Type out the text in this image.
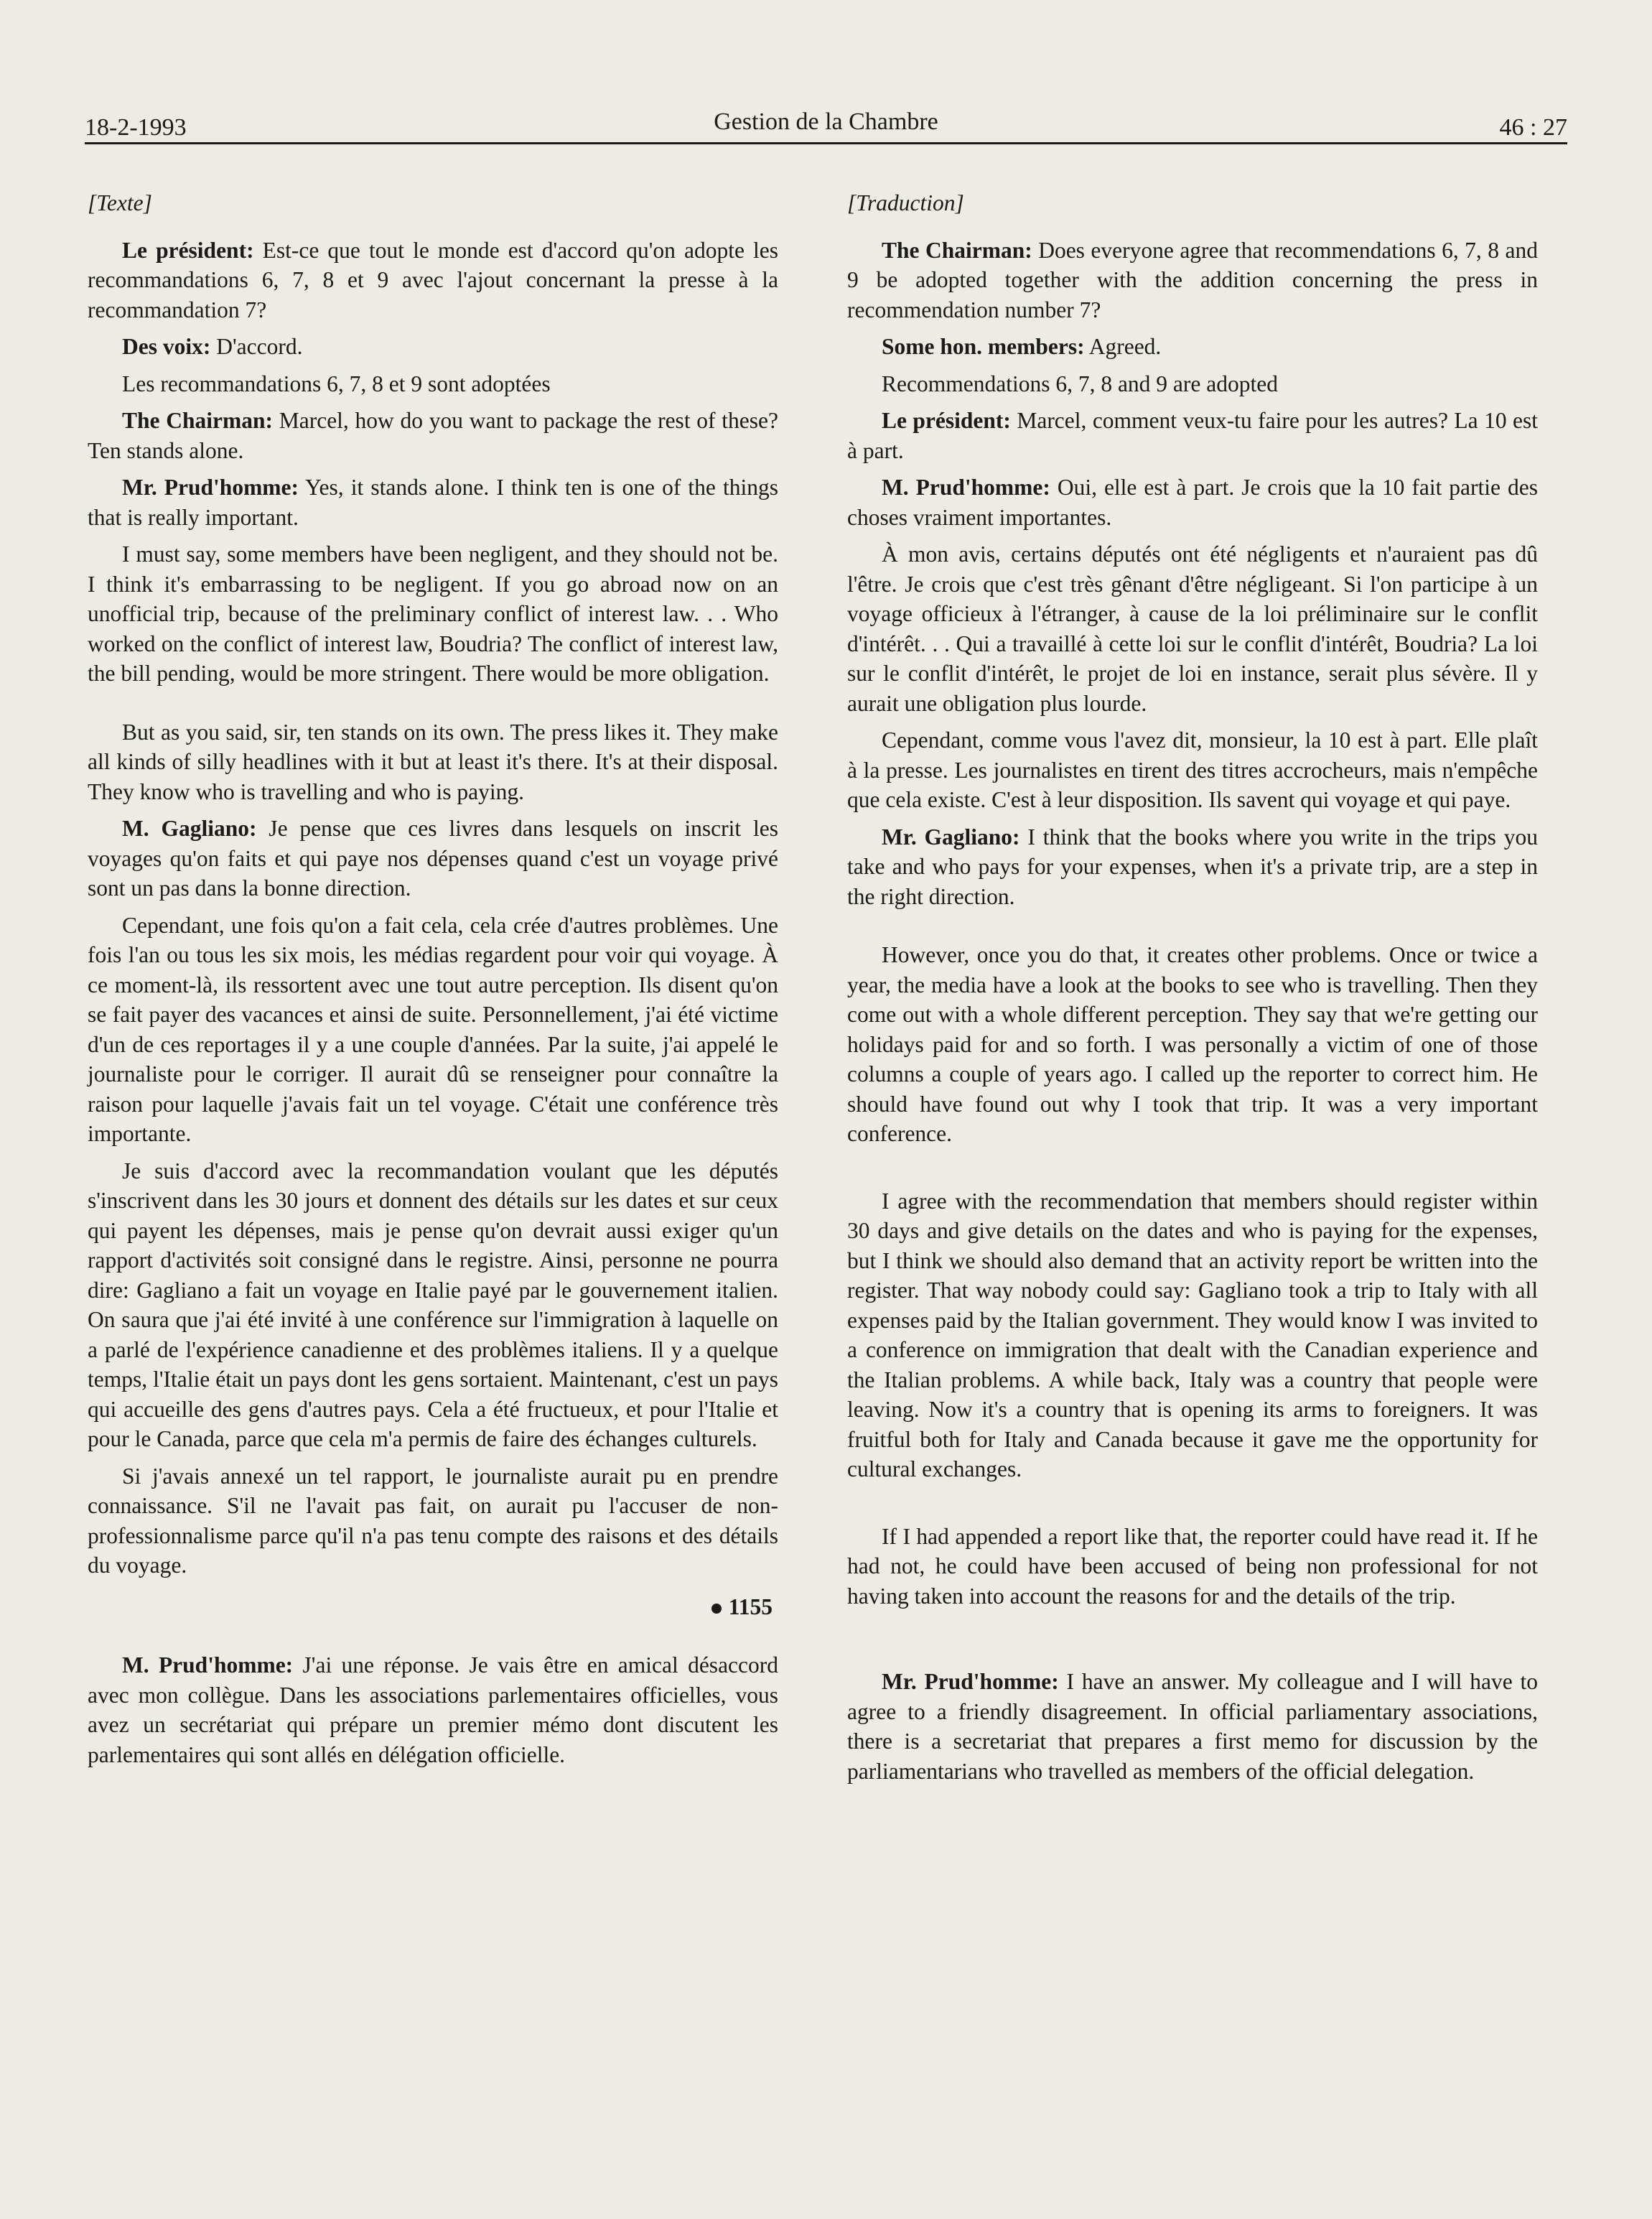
18-2-1993	Gestion de la Chambre	46 : 27

[Texte]

Le président: Est-ce que tout le monde est d'accord qu'on adopte les recommandations 6, 7, 8 et 9 avec l'ajout concernant la presse à la recommandation 7?

Des voix: D'accord.

Les recommandations 6, 7, 8 et 9 sont adoptées

The Chairman: Marcel, how do you want to package the rest of these? Ten stands alone.

Mr. Prud'homme: Yes, it stands alone. I think ten is one of the things that is really important.

I must say, some members have been negligent, and they should not be. I think it's embarrassing to be negligent. If you go abroad now on an unofficial trip, because of the preliminary conflict of interest law. . . Who worked on the conflict of interest law, Boudria? The conflict of interest law, the bill pending, would be more stringent. There would be more obligation.

But as you said, sir, ten stands on its own. The press likes it. They make all kinds of silly headlines with it but at least it's there. It's at their disposal. They know who is travelling and who is paying.

M. Gagliano: Je pense que ces livres dans lesquels on inscrit les voyages qu'on faits et qui paye nos dépenses quand c'est un voyage privé sont un pas dans la bonne direction.

Cependant, une fois qu'on a fait cela, cela crée d'autres problèmes. Une fois l'an ou tous les six mois, les médias regardent pour voir qui voyage. À ce moment-là, ils ressortent avec une tout autre perception. Ils disent qu'on se fait payer des vacances et ainsi de suite. Personnellement, j'ai été victime d'un de ces reportages il y a une couple d'années. Par la suite, j'ai appelé le journaliste pour le corriger. Il aurait dû se renseigner pour connaître la raison pour laquelle j'avais fait un tel voyage. C'était une conférence très importante.

Je suis d'accord avec la recommandation voulant que les députés s'inscrivent dans les 30 jours et donnent des détails sur les dates et sur ceux qui payent les dépenses, mais je pense qu'on devrait aussi exiger qu'un rapport d'activités soit consigné dans le registre. Ainsi, personne ne pourra dire: Gagliano a fait un voyage en Italie payé par le gouvernement italien. On saura que j'ai été invité à une conférence sur l'immigration à laquelle on a parlé de l'expérience canadienne et des problèmes italiens. Il y a quelque temps, l'Italie était un pays dont les gens sortaient. Maintenant, c'est un pays qui accueille des gens d'autres pays. Cela a été fructueux, et pour l'Italie et pour le Canada, parce que cela m'a permis de faire des échanges culturels.

Si j'avais annexé un tel rapport, le journaliste aurait pu en prendre connaissance. S'il ne l'avait pas fait, on aurait pu l'accuser de non-professionnalisme parce qu'il n'a pas tenu compte des raisons et des détails du voyage.

1155

M. Prud'homme: J'ai une réponse. Je vais être en amical désaccord avec mon collègue. Dans les associations parlementaires officielles, vous avez un secrétariat qui prépare un premier mémo dont discutent les parlementaires qui sont allés en délégation officielle.

[Traduction]

The Chairman: Does everyone agree that recommendations 6, 7, 8 and 9 be adopted together with the addition concerning the press in recommendation number 7?

Some hon. members: Agreed.

Recommendations 6, 7, 8 and 9 are adopted

Le président: Marcel, comment veux-tu faire pour les autres? La 10 est à part.

M. Prud'homme: Oui, elle est à part. Je crois que la 10 fait partie des choses vraiment importantes.

À mon avis, certains députés ont été négligents et n'auraient pas dû l'être. Je crois que c'est très gênant d'être négligeant. Si l'on participe à un voyage officieux à l'étranger, à cause de la loi préliminaire sur le conflit d'intérêt. . . Qui a travaillé à cette loi sur le conflit d'intérêt, Boudria? La loi sur le conflit d'intérêt, le projet de loi en instance, serait plus sévère. Il y aurait une obligation plus lourde.

Cependant, comme vous l'avez dit, monsieur, la 10 est à part. Elle plaît à la presse. Les journalistes en tirent des titres accrocheurs, mais n'empêche que cela existe. C'est à leur disposition. Ils savent qui voyage et qui paye.

Mr. Gagliano: I think that the books where you write in the trips you take and who pays for your expenses, when it's a private trip, are a step in the right direction.

However, once you do that, it creates other problems. Once or twice a year, the media have a look at the books to see who is travelling. Then they come out with a whole different perception. They say that we're getting our holidays paid for and so forth. I was personally a victim of one of those columns a couple of years ago. I called up the reporter to correct him. He should have found out why I took that trip. It was a very important conference.

I agree with the recommendation that members should register within 30 days and give details on the dates and who is paying for the expenses, but I think we should also demand that an activity report be written into the register. That way nobody could say: Gagliano took a trip to Italy with all expenses paid by the Italian government. They would know I was invited to a conference on immigration that dealt with the Canadian experience and the Italian problems. A while back, Italy was a country that people were leaving. Now it's a country that is opening its arms to foreigners. It was fruitful both for Italy and Canada because it gave me the opportunity for cultural exchanges.

If I had appended a report like that, the reporter could have read it. If he had not, he could have been accused of being non professional for not having taken into account the reasons for and the details of the trip.

Mr. Prud'homme: I have an answer. My colleague and I will have to agree to a friendly disagreement. In official parliamentary associations, there is a secretariat that prepares a first memo for discussion by the parliamentarians who travelled as members of the official delegation.
